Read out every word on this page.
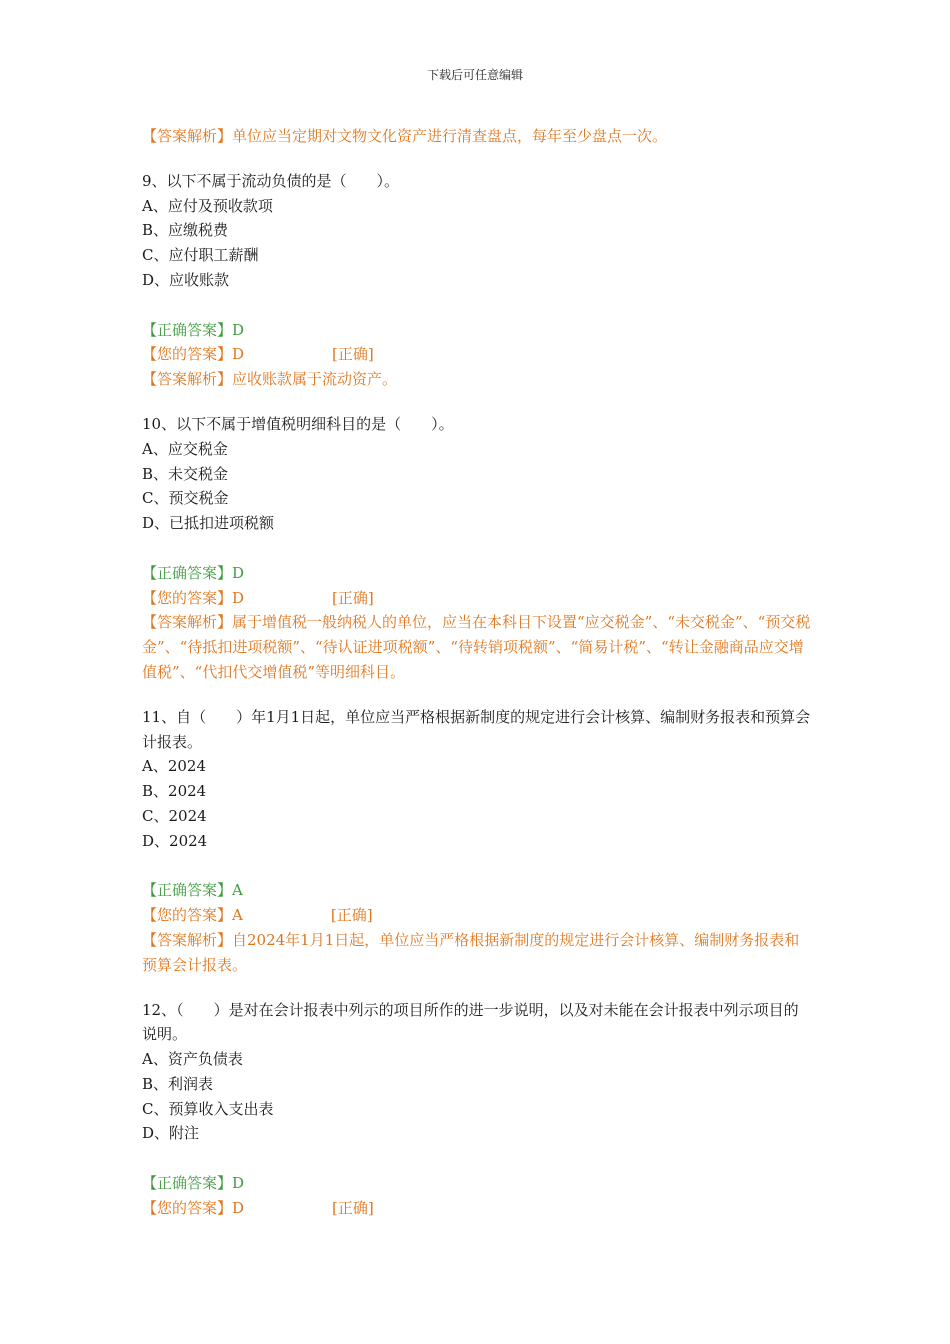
下载后可任意编辑
【答案解析】单位应当定期对文物文化资产进行清查盘点，每年至少盘点一次。
9、以下不属于流动负债的是（　　）。
A、应付及预收款项
B、应缴税费
C、应付职工薪酬
D、应收账款
【正确答案】D
【您的答案】D	[正确]
【答案解析】应收账款属于流动资产。
10、以下不属于增值税明细科目的是（　　）。
A、应交税金
B、未交税金
C、预交税金
D、已抵扣进项税额
【正确答案】D
【您的答案】D	[正确]
【答案解析】属于增值税一般纳税人的单位，应当在本科目下设置“应交税金”、“未交税金”、“预交税金”、“待抵扣进项税额”、“待认证进项税额”、“待转销项税额”、“简易计税”、“转让金融商品应交增值税”、“代扣代交增值税”等明细科目。
11、自（　　）年1月1日起，单位应当严格根据新制度的规定进行会计核算、编制财务报表和预算会计报表。
A、2024
B、2024
C、2024
D、2024
【正确答案】A
【您的答案】A	[正确]
【答案解析】自2024年1月1日起，单位应当严格根据新制度的规定进行会计核算、编制财务报表和预算会计报表。
12、（　　）是对在会计报表中列示的项目所作的进一步说明，以及对未能在会计报表中列示项目的说明。
A、资产负债表
B、利润表
C、预算收入支出表
D、附注
【正确答案】D
【您的答案】D	[正确]
